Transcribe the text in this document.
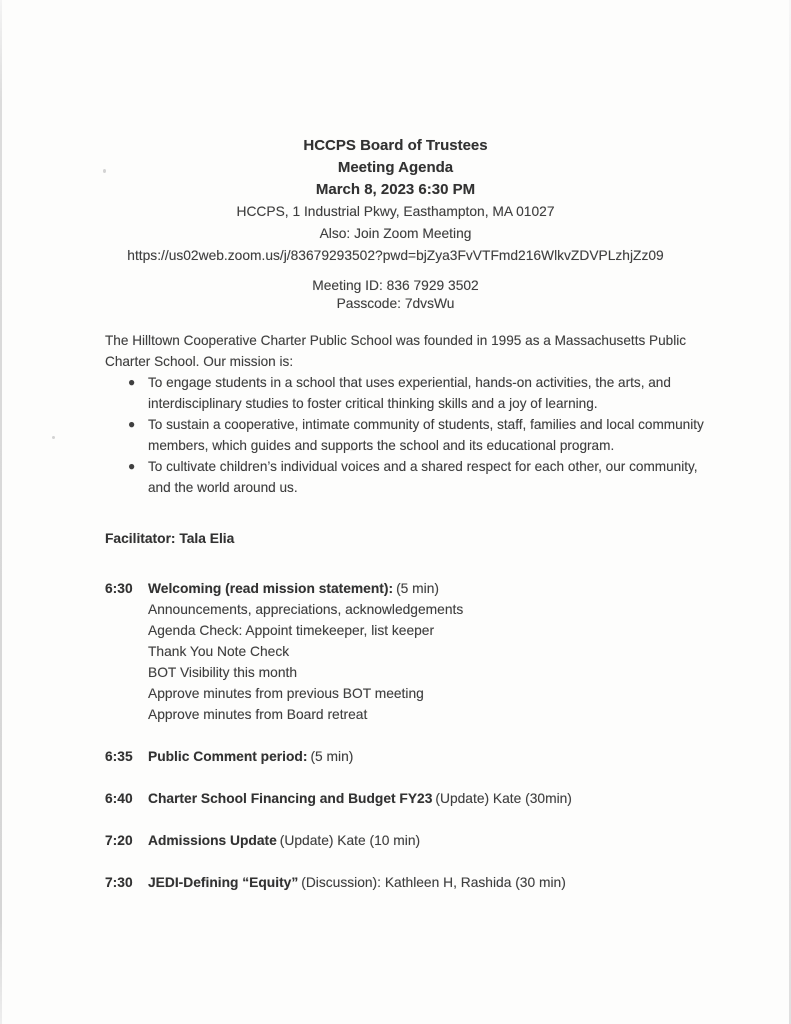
HCCPS Board of Trustees
Meeting Agenda
March 8, 2023 6:30 PM
HCCPS, 1 Industrial Pkwy, Easthampton, MA 01027
Also: Join Zoom Meeting
https://us02web.zoom.us/j/83679293502?pwd=bjZya3FvVTFmd216WlkvZDVPLzhjZz09
Meeting ID: 836 7929 3502
Passcode: 7dvsWu

The Hilltown Cooperative Charter Public School was founded in 1995 as a Massachusetts Public Charter School. Our mission is:

● To engage students in a school that uses experiential, hands-on activities, the arts, and interdisciplinary studies to foster critical thinking skills and a joy of learning.
● To sustain a cooperative, intimate community of students, staff, families and local community members, which guides and supports the school and its educational program.
● To cultivate children’s individual voices and a shared respect for each other, our community, and the world around us.
Facilitator: Tala Elia
6:30	Welcoming (read mission statement): (5 min)
Announcements, appreciations, acknowledgements
Agenda Check: Appoint timekeeper, list keeper
Thank You Note Check
BOT Visibility this month
Approve minutes from previous BOT meeting
Approve minutes from Board retreat
6:35	Public Comment period: (5 min)
6:40	Charter School Financing and Budget FY23 (Update) Kate (30min)
7:20	Admissions Update (Update) Kate (10 min)
7:30	JEDI-Defining “Equity” (Discussion): Kathleen H, Rashida (30 min)
